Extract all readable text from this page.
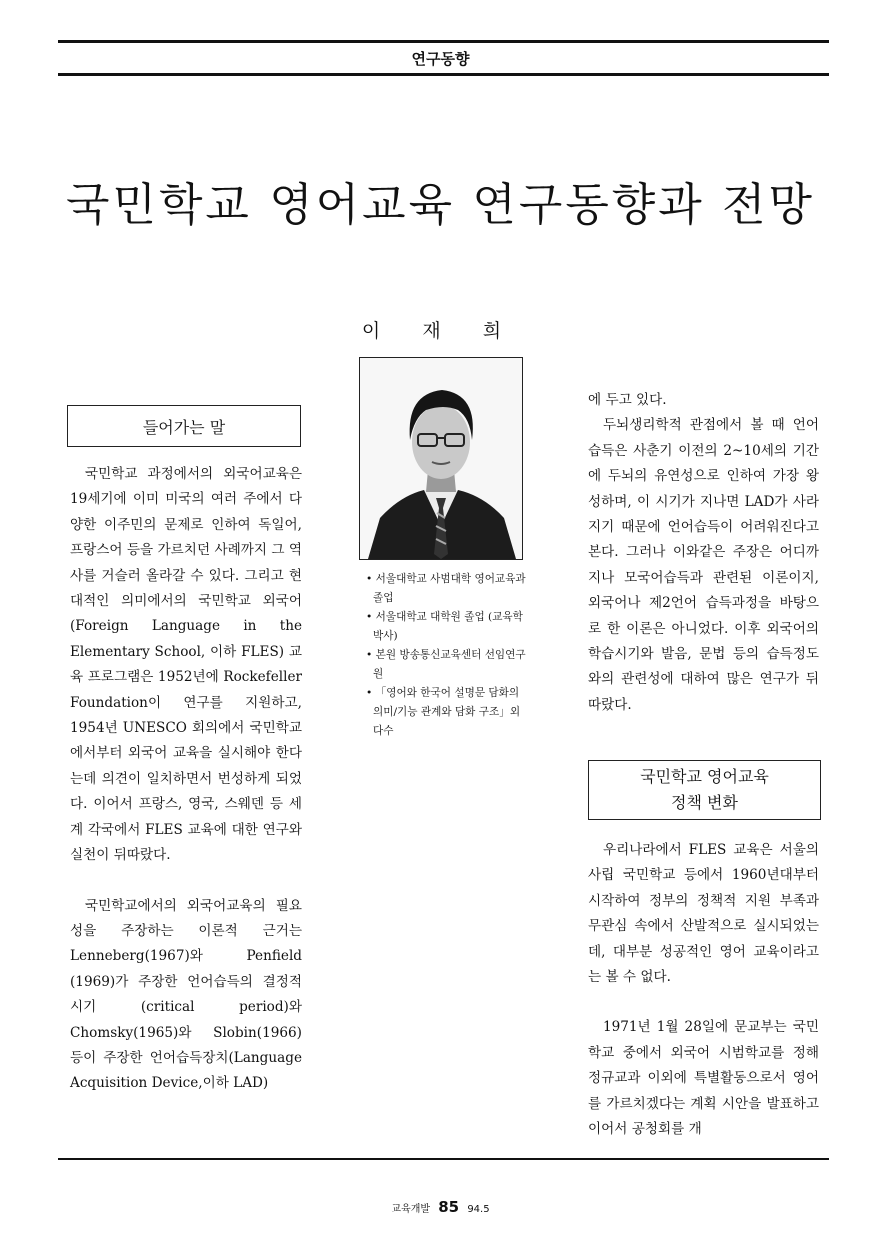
연구동향
국민학교 영어교육 연구동향과 전망
이 재 희
들어가는 말

국민학교 과정에서의 외국어교육은 19세기에 이미 미국의 여러 주에서 다양한 이주민의 문제로 인하여 독일어, 프랑스어 등을 가르치던 사례까지 그 역사를 거슬러 올라갈 수 있다. 그리고 현대적인 의미에서의 국민학교 외국어(Foreign Language in the Elementary School, 이하 FLES) 교육 프로그램은 1952년에 Rockefeller Foundation이 연구를 지원하고, 1954년 UNESCO 회의에서 국민학교에서부터 외국어 교육을 실시해야 한다는데 의견이 일치하면서 번성하게 되었다. 이어서 프랑스, 영국, 스웨덴 등 세계 각국에서 FLES 교육에 대한 연구와 실천이 뒤따랐다.

국민학교에서의 외국어교육의 필요성을 주장하는 이론적 근거는 Lenneberg(1967)와 Penfield (1969)가 주장한 언어습득의 결정적 시기 (critical period)와 Chomsky(1965)와 Slobin(1966) 등이 주장한 언어습득장치(Language Acquisition Device,이하 LAD)

• 서울대학교 사범대학 영어교육과 졸업
• 서울대학교 대학원 졸업 (교육학박사)
• 본원 방송통신교육센터 선임연구원
• 「영어와 한국어 설명문 담화의 의미/기능 관계와 담화 구조」외 다수

에 두고 있다.

두뇌생리학적 관점에서 볼 때 언어 습득은 사춘기 이전의 2~10세의 기간에 두뇌의 유연성으로 인하여 가장 왕성하며, 이 시기가 지나면 LAD가 사라지기 때문에 언어습득이 어려워진다고 본다. 그러나 이와같은 주장은 어디까지나 모국어습득과 관련된 이론이지, 외국어나 제2언어 습득과정을 바탕으로 한 이론은 아니었다. 이후 외국어의 학습시기와 발음, 문법 등의 습득정도와의 관련성에 대하여 많은 연구가 뒤따랐다.

국민학교 영어교육
정책 변화

우리나라에서 FLES 교육은 서울의 사립 국민학교 등에서 1960년대부터 시작하여 정부의 정책적 지원 부족과 무관심 속에서 산발적으로 실시되었는데, 대부분 성공적인 영어 교육이라고는 볼 수 없다.

1971년 1월 28일에 문교부는 국민학교 중에서 외국어 시범학교를 정해 정규교과 이외에 특별활동으로서 영어를 가르치겠다는 계획 시안을 발표하고 이어서 공청회를 개

교육개발 85 94.5
